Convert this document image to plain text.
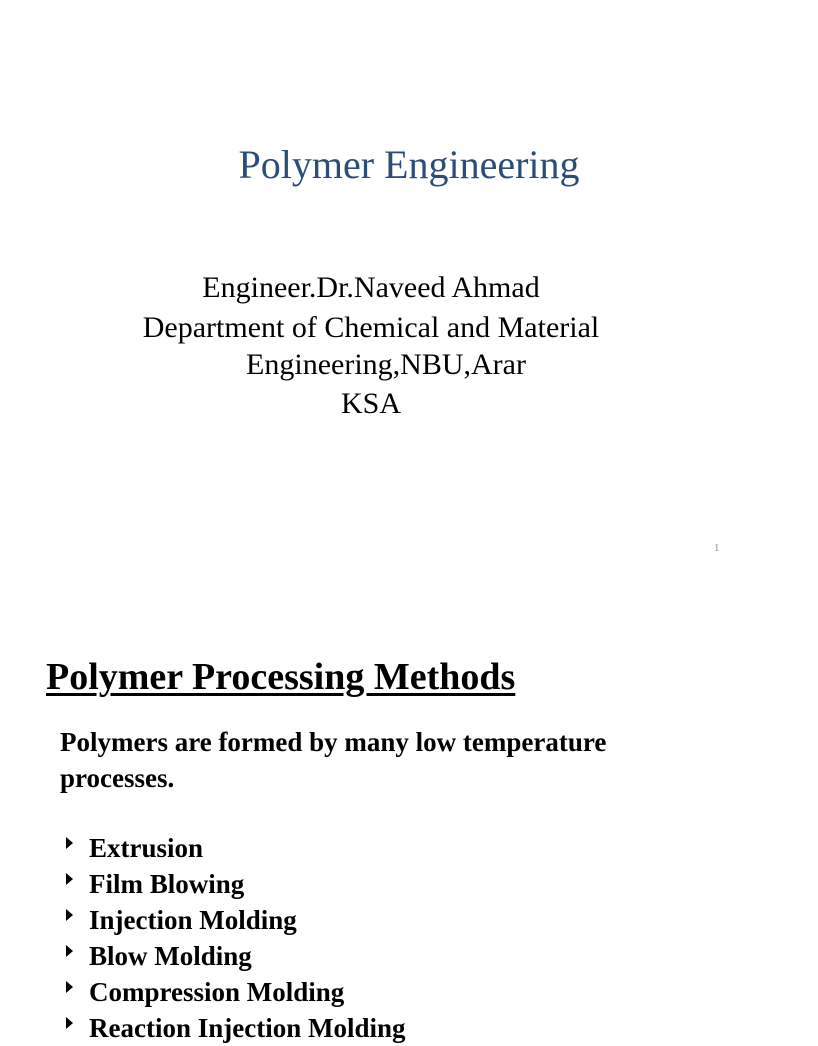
Polymer Engineering
Engineer.Dr.Naveed Ahmad
Department of Chemical and Material
Engineering,NBU,Arar
KSA
1
Polymer Processing Methods
Polymers are formed by many low temperature processes.
Extrusion
Film Blowing
Injection Molding
Blow Molding
Compression Molding
Reaction Injection Molding
